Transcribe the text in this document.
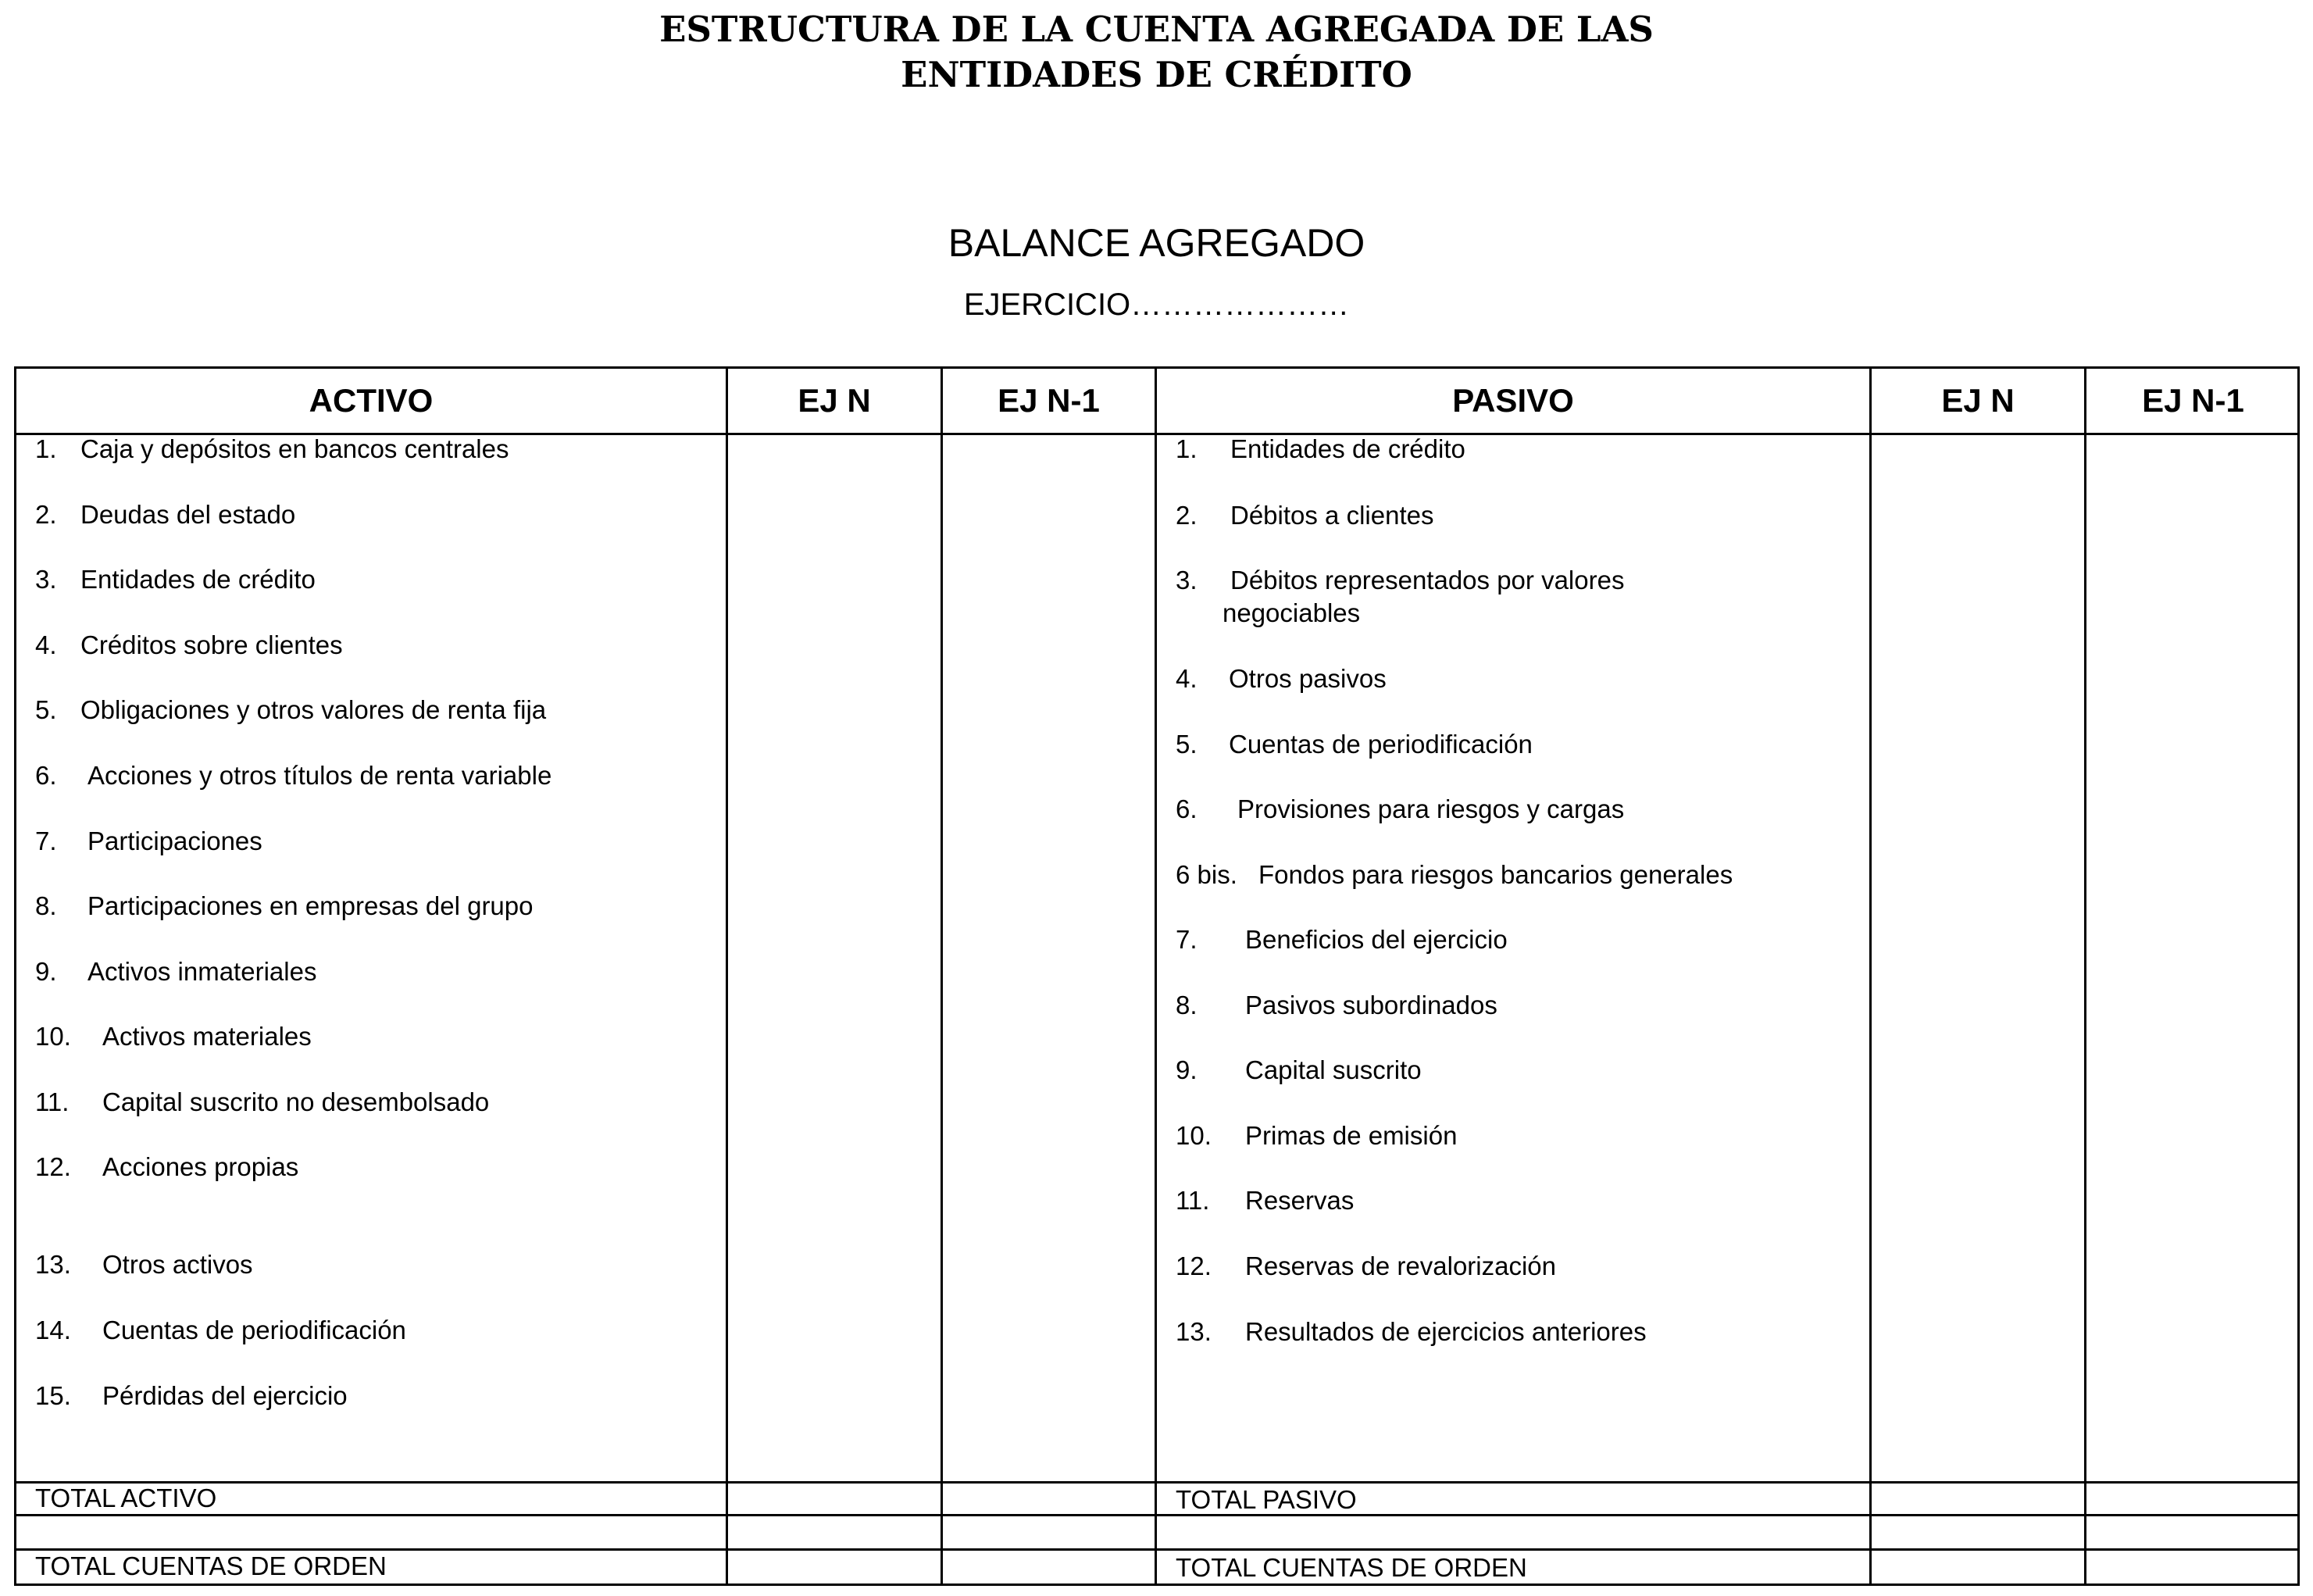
ESTRUCTURA DE LA CUENTA AGREGADA DE LAS
ENTIDADES DE CRÉDITO
BALANCE AGREGADO
EJERCICIO…………………
ACTIVO	EJ N	EJ N-1	PASIVO	EJ N	EJ N-1
1. Caja y depósitos en bancos centrales
2. Deudas del estado
3. Entidades de crédito
4. Créditos sobre clientes
5. Obligaciones y otros valores de renta fija
6. Acciones y otros títulos de renta variable
7. Participaciones
8. Participaciones en empresas del grupo
9. Activos inmateriales
10. Activos materiales
11. Capital suscrito no desembolsado
12. Acciones propias
13. Otros activos
14. Cuentas de periodificación
15. Pérdidas del ejercicio
1. Entidades de crédito
2. Débitos a clientes
3. Débitos representados por valores
negociables
4. Otros pasivos
5. Cuentas de periodificación
6. Provisiones para riesgos y cargas
6 bis. Fondos para riesgos bancarios generales
7. Beneficios del ejercicio
8. Pasivos subordinados
9. Capital suscrito
10. Primas de emisión
11. Reservas
12. Reservas de revalorización
13. Resultados de ejercicios anteriores
TOTAL ACTIVO	TOTAL PASIVO
TOTAL CUENTAS DE ORDEN	TOTAL CUENTAS DE ORDEN
